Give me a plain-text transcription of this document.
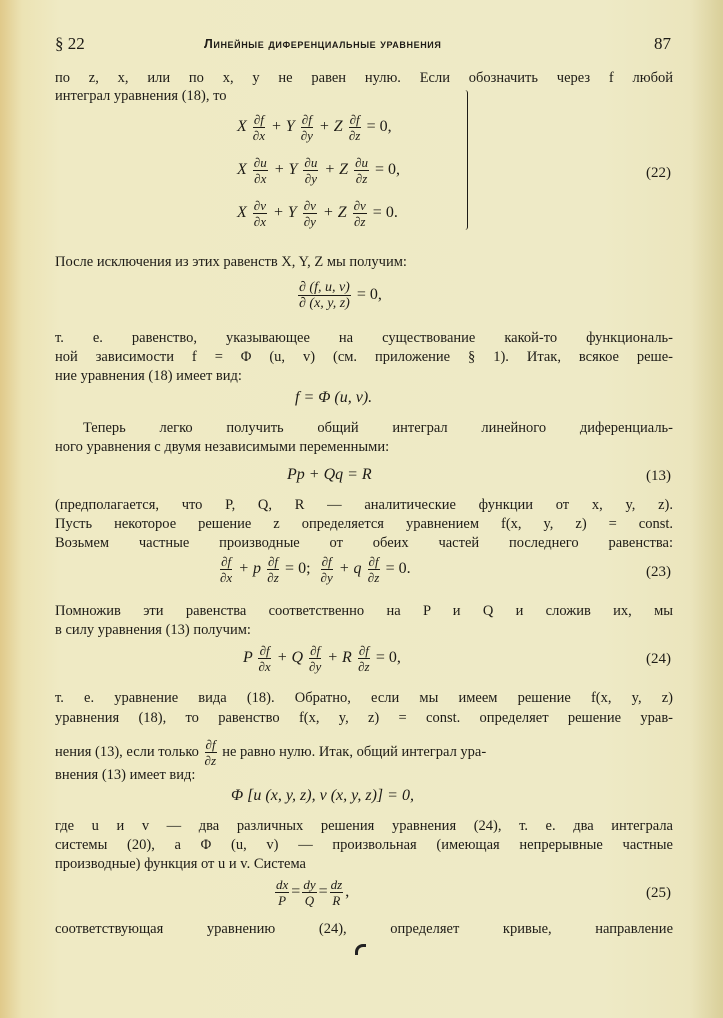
§ 22	Линейные диференциальные уравнения	87
по z, x, или по x, y не равен нулю. Если обозначить через f любой
интеграл уравнения (18), то
X $\frac{\partial f}{\partial x} + Y \frac{\partial f}{\partial y} + Z \frac{\partial f}{\partial z} = 0$,
X $\frac{\partial u}{\partial x} + Y \frac{\partial u}{\partial y} + Z \frac{\partial u}{\partial z} = 0$,
X $\frac{\partial v}{\partial x} + Y \frac{\partial v}{\partial y} + Z \frac{\partial v}{\partial z} = 0$.
(22)
После исключения из этих равенств X, Y, Z мы получим:
$\frac{\partial (f, u, v)}{\partial (x, y, z)} = 0$,
т. е. равенство, указывающее на существование какой-то функциональ-
ной зависимости f = Φ (u, v) (см. приложение § 1). Итак, всякое реше-
ние уравнения (18) имеет вид:
f = Φ (u, v).
Теперь легко получить общий интеграл линейного диференциаль-
ного уравнения с двумя независимыми переменными:
Pp + Qq = R	(13)
(предполагается, что P, Q, R — аналитические функции от x, y, z).
Пусть некоторое решение z определяется уравнением f(x, y, z) = const.
Возьмем частные производные от обеих частей последнего равенства:
$\frac{\partial f}{\partial x} + p \frac{\partial f}{\partial z} = 0$; $\frac{\partial f}{\partial y} + q \frac{\partial f}{\partial z} = 0$.	(23)
Помножив эти равенства соответственно на P и Q и сложив их, мы
в силу уравнения (13) получим:
P $\frac{\partial f}{\partial x} + Q \frac{\partial f}{\partial y} + R \frac{\partial f}{\partial z} = 0$,	(24)
т. е. уравнение вида (18). Обратно, если мы имеем решение f(x, y, z)
уравнения (18), то равенство f(x, y, z) = const. определяет решение урав-
нения (13), если только $\frac{\partial f}{\partial z}$ не равно нулю. Итак, общий интеграл ура-
внения (13) имеет вид:
Φ [u (x, y, z), v (x, y, z)] = 0,
где u и v — два различных решения уравнения (24), т. е. два интеграла
системы (20), а Φ (u, v) — произвольная (имеющая непрерывные частные
производные) функция от u и v. Система
$\frac{dx}{P} = \frac{dy}{Q} = \frac{dz}{R}$ ,	(25)
соответствующая уравнению (24), определяет кривые, направление
